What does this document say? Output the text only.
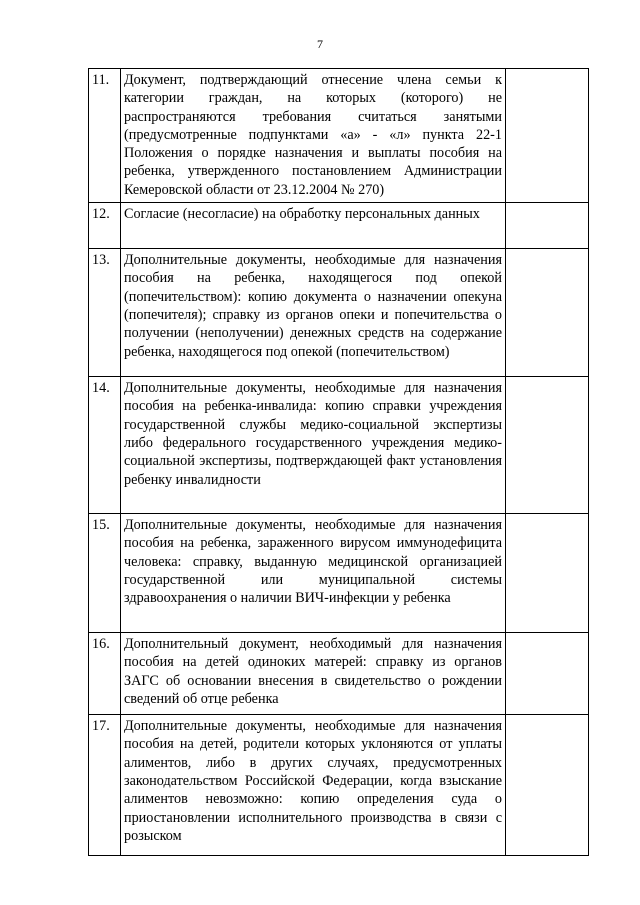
7
11.	Документ, подтверждающий отнесение члена семьи к категории граждан, на которых (которого) не распространяются требования считаться занятыми (предусмотренные подпунктами «а» - «л» пункта 22-1 Положения о порядке назначения и выплаты пособия на ребенка, утвержденного постановлением Администрации Кемеровской области от 23.12.2004 № 270)	
12.	Согласие (несогласие) на обработку персональных данных	
13.	Дополнительные документы, необходимые для назначения пособия на ребенка, находящегося под опекой (попечительством): копию документа о назначении опекуна (попечителя); справку из органов опеки и попечительства о получении (неполучении) денежных средств на содержание ребенка, находящегося под опекой (попечительством)	
14.	Дополнительные документы, необходимые для назначения пособия на ребенка-инвалида: копию справки учреждения государственной службы медико-социальной экспертизы либо федерального государственного учреждения медико-социальной экспертизы, подтверждающей факт установления ребенку инвалидности	
15.	Дополнительные документы, необходимые для назначения пособия на ребенка, зараженного вирусом иммунодефицита человека: справку, выданную медицинской организацией государственной или муниципальной системы здравоохранения о наличии ВИЧ-инфекции у ребенка	
16.	Дополнительный документ, необходимый для назначения пособия на детей одиноких матерей: справку из органов ЗАГС об основании внесения в свидетельство о рождении сведений об отце ребенка	
17.	Дополнительные документы, необходимые для назначения пособия на детей, родители которых уклоняются от уплаты алиментов, либо в других случаях, предусмотренных законодательством Российской Федерации, когда взыскание алиментов невозможно: копию определения суда о приостановлении исполнительного производства в связи с розыском	
